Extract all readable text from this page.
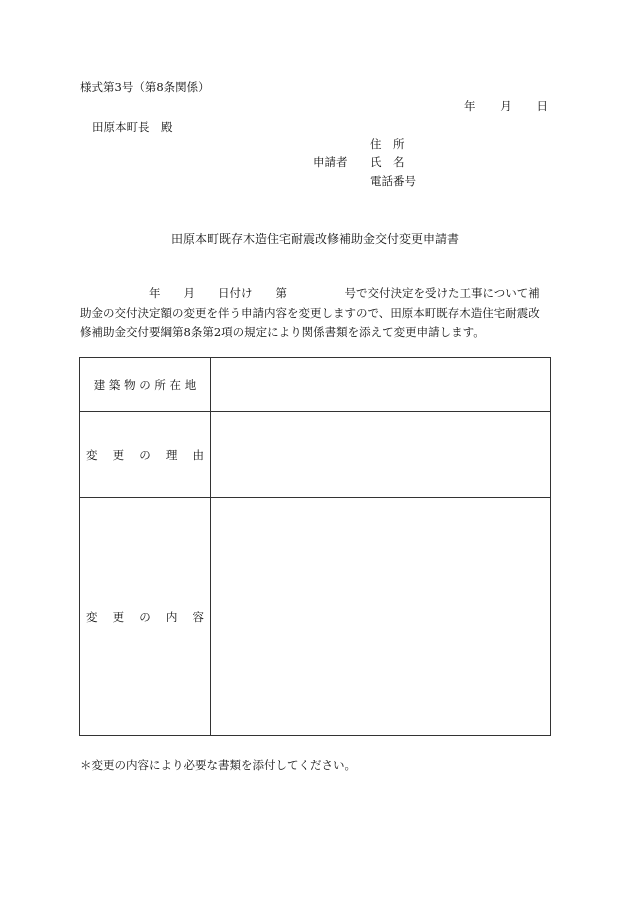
様式第3号（第8条関係）
年 月 日
田原本町長　殿
申請者
住　所
氏　名
電話番号
田原本町既存木造住宅耐震改修補助金交付変更申請書
　　　　　　年　　月　　日付け　　第　　　　　号で交付決定を受けた工事について補助金の交付決定額の変更を伴う申請内容を変更しますので、田原本町既存木造住宅耐震改修補助金交付要綱第8条第2項の規定により関係書類を添えて変更申請します。
建 築 物 の 所 在 地	
変　 更　 の　 理　 由	
変　 更　 の　 内　 容	
＊変更の内容により必要な書類を添付してください。
